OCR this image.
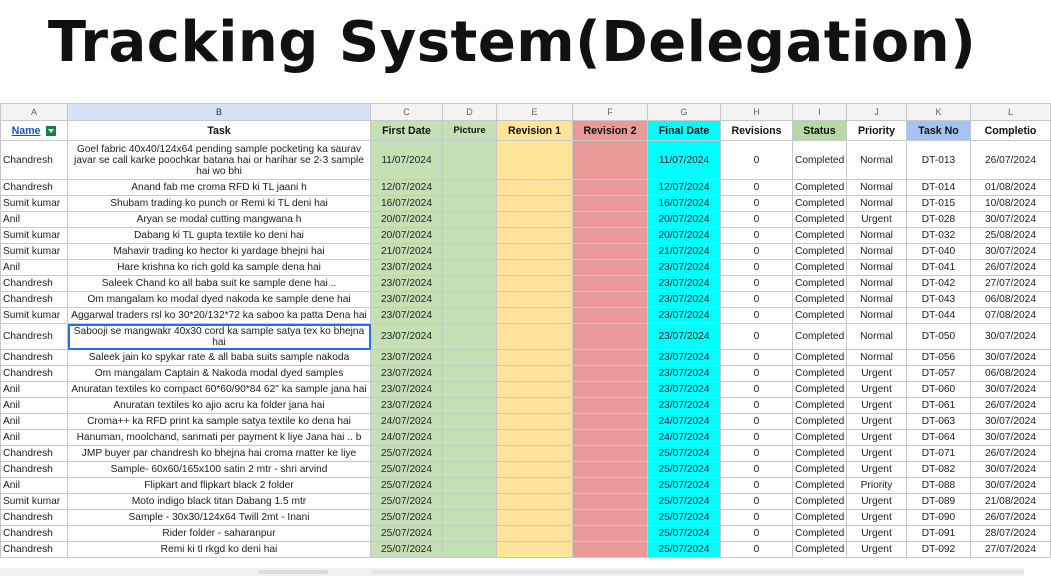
Tracking System(Delegation)
A	B	C	D	E	F	G	H	I	J	K	L
Name	Task	First Date	Picture	Revision 1	Revision 2	Final Date	Revisions	Status	Priority	Task No	Completio
Chandresh	Goel fabric 40x40/124x64 pending sample pocketing ka saurav javar se call karke poochkar batana hai or harihar se 2-3 sample hai wo bhi	11/07/2024				11/07/2024	0	Completed	Normal	DT-013	26/07/2024
Chandresh	Anand fab me croma RFD ki TL jaani h	12/07/2024				12/07/2024	0	Completed	Normal	DT-014	01/08/2024
Sumit kumar	Shubam trading ko punch or Remi ki TL deni hai	16/07/2024				16/07/2024	0	Completed	Normal	DT-015	10/08/2024
Anil	Aryan se modal cutting mangwana h	20/07/2024				20/07/2024	0	Completed	Urgent	DT-028	30/07/2024
Sumit kumar	Dabang ki TL gupta textile ko deni hai	20/07/2024				20/07/2024	0	Completed	Normal	DT-032	25/08/2024
Sumit kumar	Mahavir trading ko hector ki yardage bhejni hai	21/07/2024				21/07/2024	0	Completed	Normal	DT-040	30/07/2024
Anil	Hare krishna ko rich gold ka sample dena hai	23/07/2024				23/07/2024	0	Completed	Normal	DT-041	26/07/2024
Chandresh	Saleek Chand ko all baba suit ke sample dene hai ..	23/07/2024				23/07/2024	0	Completed	Normal	DT-042	27/07/2024
Chandresh	Om mangalam ko modal dyed nakoda ke sample dene hai	23/07/2024				23/07/2024	0	Completed	Normal	DT-043	06/08/2024
Sumit kumar	Aggarwal traders rsl ko 30*20/132*72 ka saboo ka patta Dena hai	23/07/2024				23/07/2024	0	Completed	Normal	DT-044	07/08/2024
Chandresh	Sabooji se mangwakr 40x30 cord ka sample satya tex ko bhejna hai	23/07/2024				23/07/2024	0	Completed	Normal	DT-050	30/07/2024
Chandresh	Saleek jain ko spykar rate & all baba suits sample nakoda	23/07/2024				23/07/2024	0	Completed	Normal	DT-056	30/07/2024
Chandresh	Om mangalam Captain & Nakoda modal dyed samples	23/07/2024				23/07/2024	0	Completed	Urgent	DT-057	06/08/2024
Anil	Anuratan textiles ko compact 60*60/90*84 62" ka sample jana hai	23/07/2024				23/07/2024	0	Completed	Urgent	DT-060	30/07/2024
Anil	Anuratan textiles ko ajio acru ka folder jana hai	23/07/2024				23/07/2024	0	Completed	Urgent	DT-061	26/07/2024
Anil	Croma++ ka RFD print ka sample satya textile ko dena hai	24/07/2024				24/07/2024	0	Completed	Urgent	DT-063	30/07/2024
Anil	Hanuman, moolchand, sanmati per payment k liye Jana hai .. b	24/07/2024				24/07/2024	0	Completed	Urgent	DT-064	30/07/2024
Chandresh	JMP buyer par chandresh ko bhejna hai croma matter ke liye	25/07/2024				25/07/2024	0	Completed	Urgent	DT-071	26/07/2024
Chandresh	Sample- 60x60/165x100 satin 2 mtr - shri arvind	25/07/2024				25/07/2024	0	Completed	Urgent	DT-082	30/07/2024
Anil	Flipkart and flipkart black 2 folder	25/07/2024				25/07/2024	0	Completed	Priority	DT-088	30/07/2024
Sumit kumar	Moto indigo black titan Dabang 1.5 mtr	25/07/2024				25/07/2024	0	Completed	Urgent	DT-089	21/08/2024
Chandresh	Sample - 30x30/124x64 Twill 2mt - Inani	25/07/2024				25/07/2024	0	Completed	Urgent	DT-090	26/07/2024
Chandresh	Rider folder - saharanpur	25/07/2024				25/07/2024	0	Completed	Urgent	DT-091	28/07/2024
Chandresh	Remi ki tl rkgd ko deni hai	25/07/2024				25/07/2024	0	Completed	Urgent	DT-092	27/07/2024
